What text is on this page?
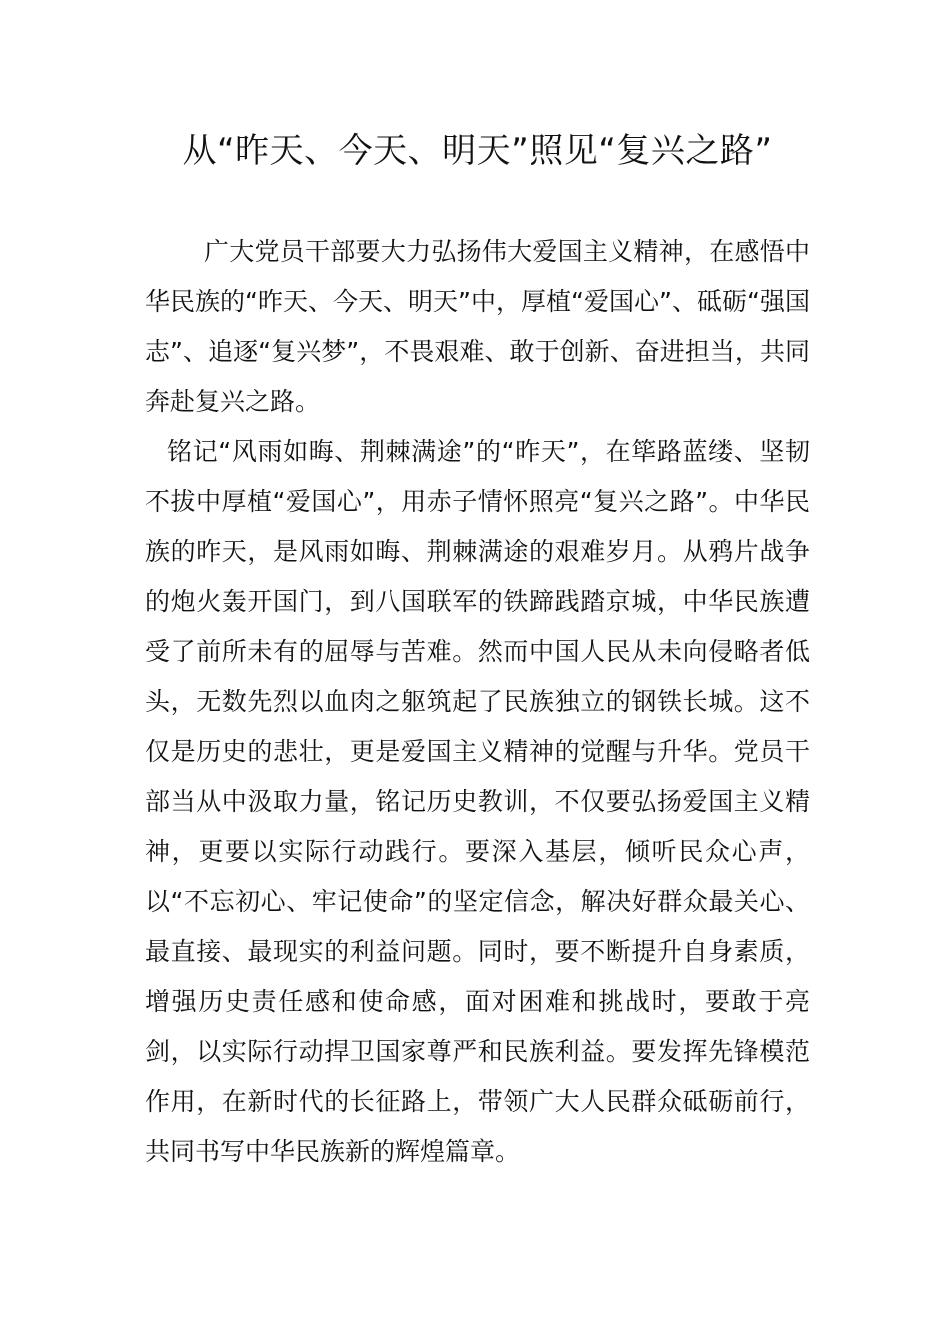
从“昨天、今天、明天”照见“复兴之路”

广大党员干部要大力弘扬伟大爱国主义精神，在感悟中华民族的“昨天、今天、明天”中，厚植“爱国心”、砥砺“强国志”、追逐“复兴梦”，不畏艰难、敢于创新、奋进担当，共同奔赴复兴之路。

铭记“风雨如晦、荆棘满途”的“昨天”，在筚路蓝缕、坚韧不拔中厚植“爱国心”，用赤子情怀照亮“复兴之路”。中华民族的昨天，是风雨如晦、荆棘满途的艰难岁月。从鸦片战争的炮火轰开国门，到八国联军的铁蹄践踏京城，中华民族遭受了前所未有的屈辱与苦难。然而中国人民从未向侵略者低头，无数先烈以血肉之躯筑起了民族独立的钢铁长城。这不仅是历史的悲壮，更是爱国主义精神的觉醒与升华。党员干部当从中汲取力量，铭记历史教训，不仅要弘扬爱国主义精神，更要以实际行动践行。要深入基层，倾听民众心声，以“不忘初心、牢记使命”的坚定信念，解决好群众最关心、最直接、最现实的利益问题。同时，要不断提升自身素质，增强历史责任感和使命感，面对困难和挑战时，要敢于亮剑，以实际行动捍卫国家尊严和民族利益。要发挥先锋模范作用，在新时代的长征路上，带领广大人民群众砥砺前行，共同书写中华民族新的辉煌篇章。
